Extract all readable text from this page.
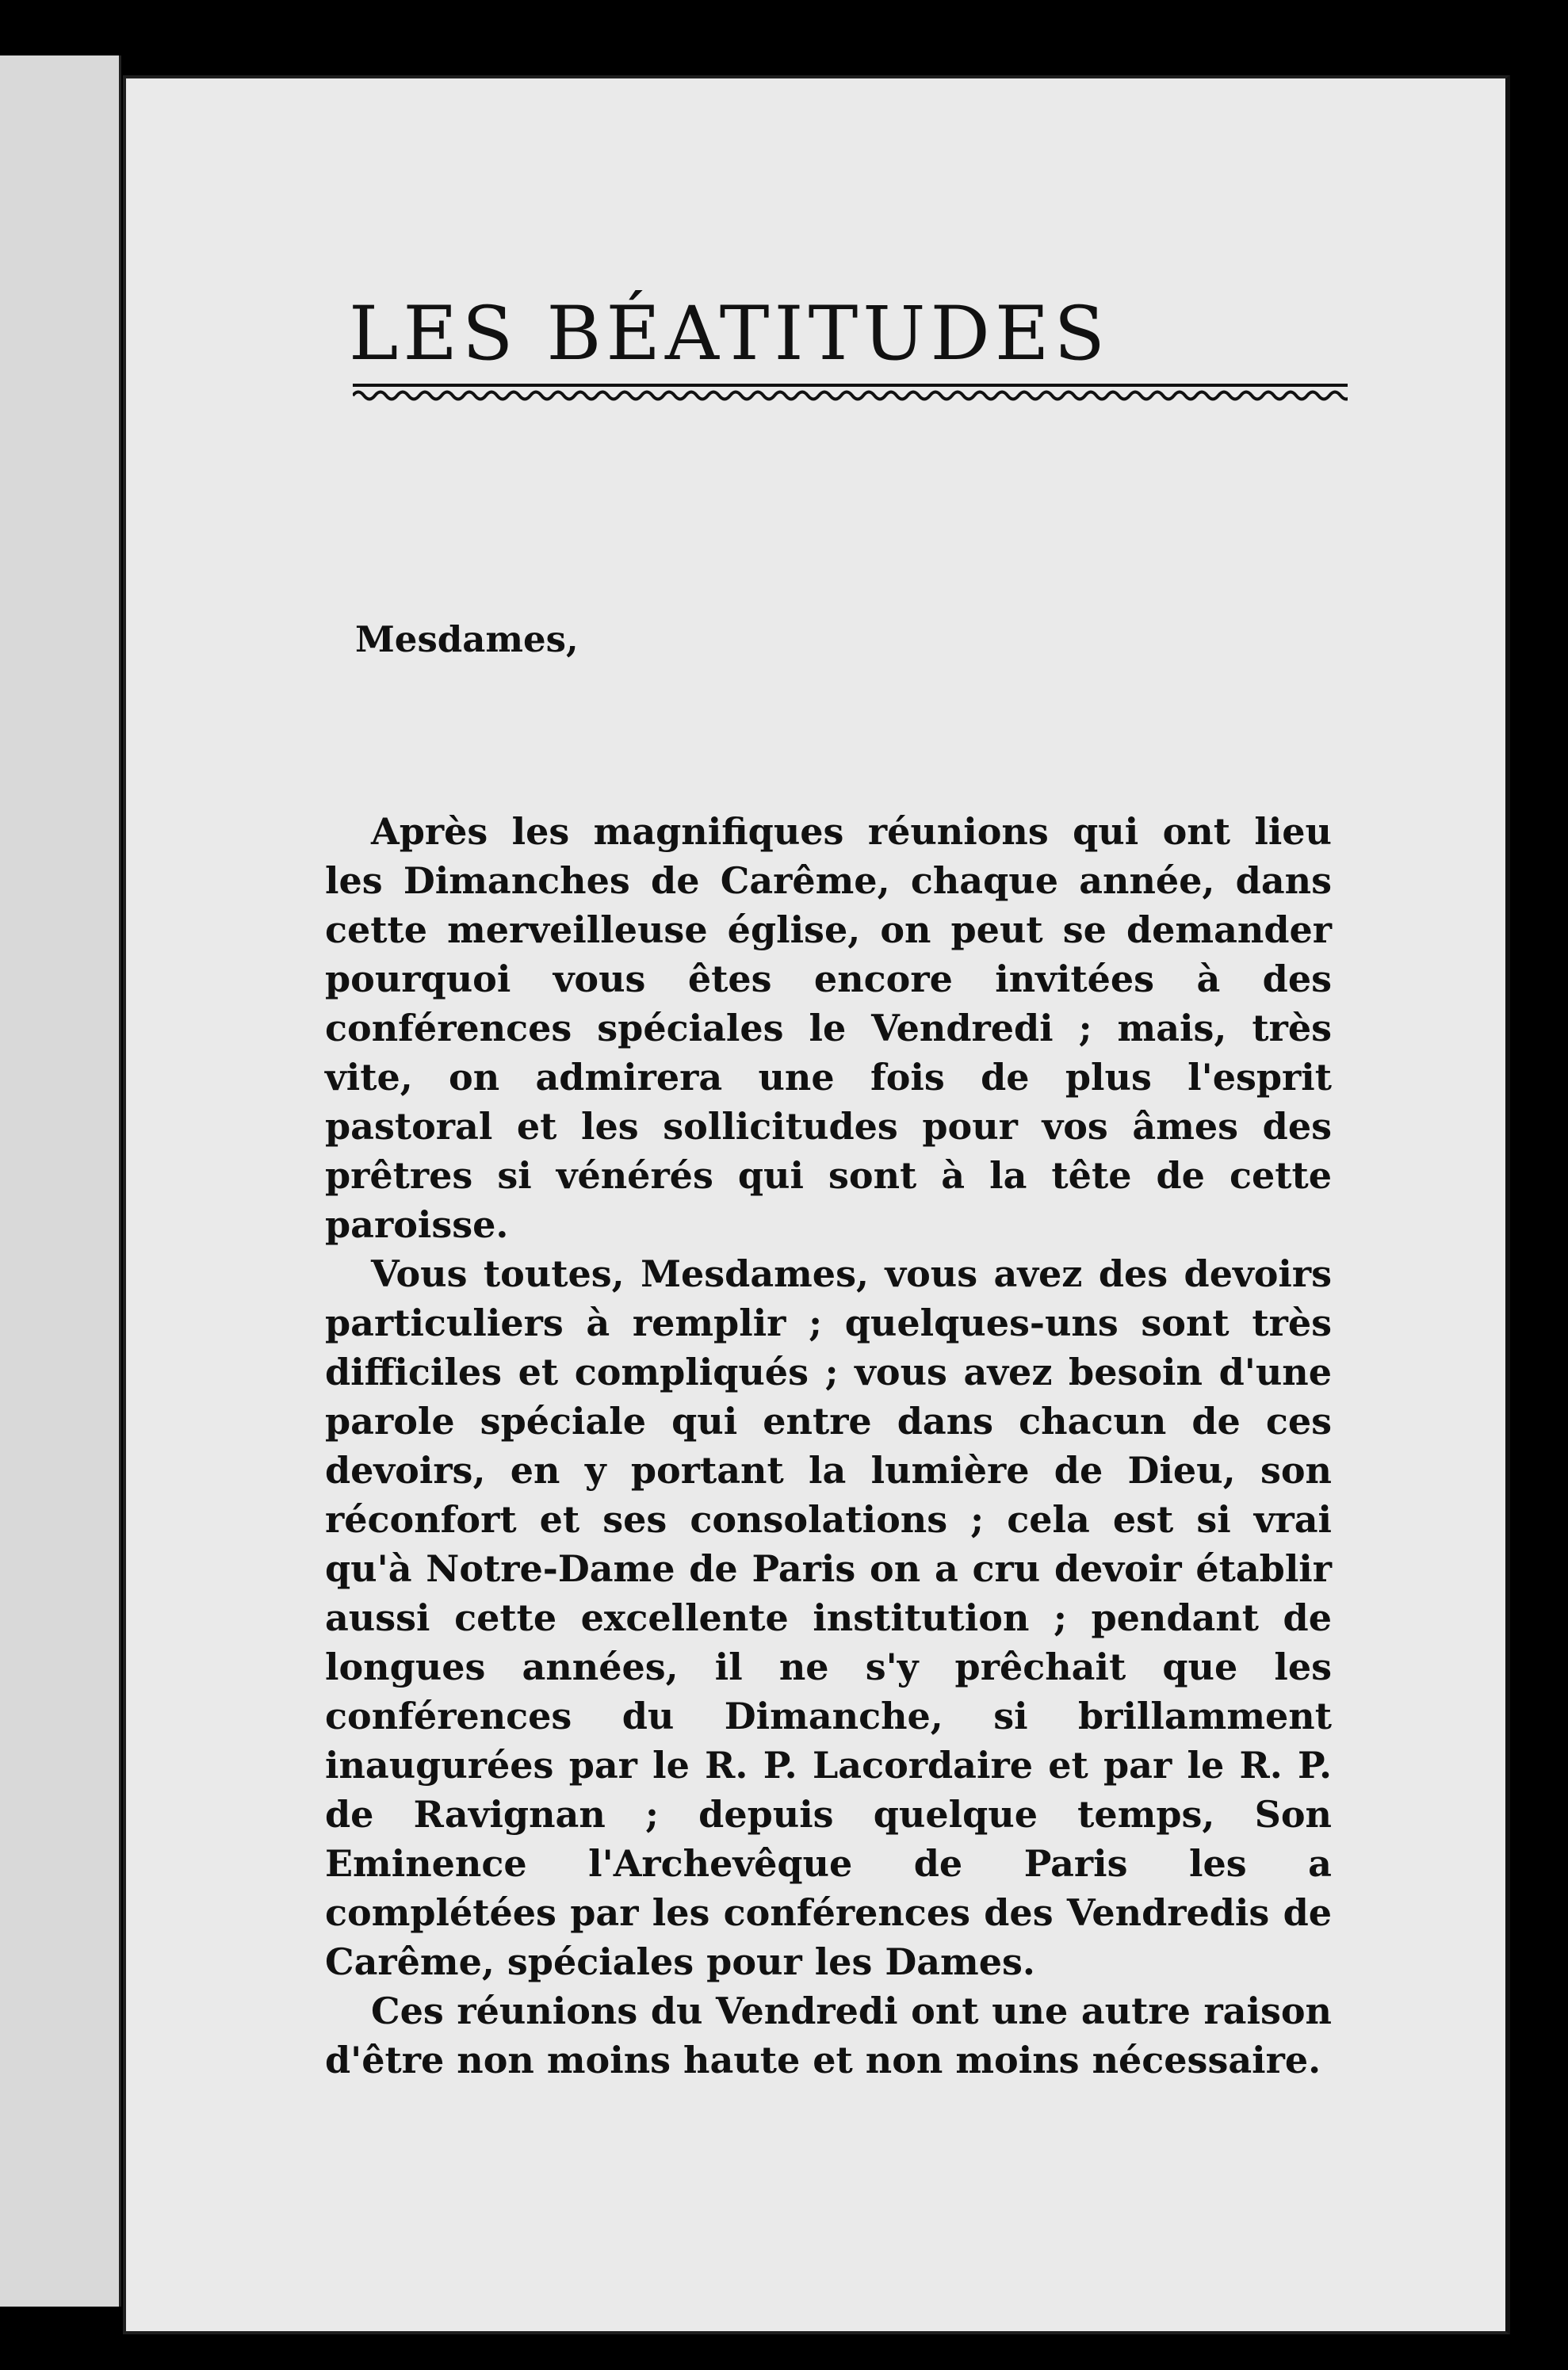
LES BÉATITUDES
Mesdames,

Après les magnifiques réunions qui ont lieu les Dimanches de Carême, chaque année, dans cette merveilleuse église, on peut se demander pourquoi vous êtes encore invitées à des conférences spéciales le Vendredi ; mais, très vite, on admirera une fois de plus l'esprit pastoral et les sollicitudes pour vos âmes des prêtres si vénérés qui sont à la tête de cette paroisse.

Vous toutes, Mesdames, vous avez des devoirs particuliers à remplir ; quelques-uns sont très difficiles et compliqués ; vous avez besoin d'une parole spéciale qui entre dans chacun de ces devoirs, en y portant la lumière de Dieu, son réconfort et ses consolations ; cela est si vrai qu'à Notre-Dame de Paris on a cru devoir établir aussi cette excellente institution ; pendant de longues années, il ne s'y prêchait que les conférences du Dimanche, si brillamment inaugurées par le R. P. Lacordaire et par le R. P. de Ravignan ; depuis quelque temps, Son Eminence l'Archevêque de Paris les a complétées par les conférences des Vendredis de Carême, spéciales pour les Dames.

Ces réunions du Vendredi ont une autre raison d'être non moins haute et non moins nécessaire.
